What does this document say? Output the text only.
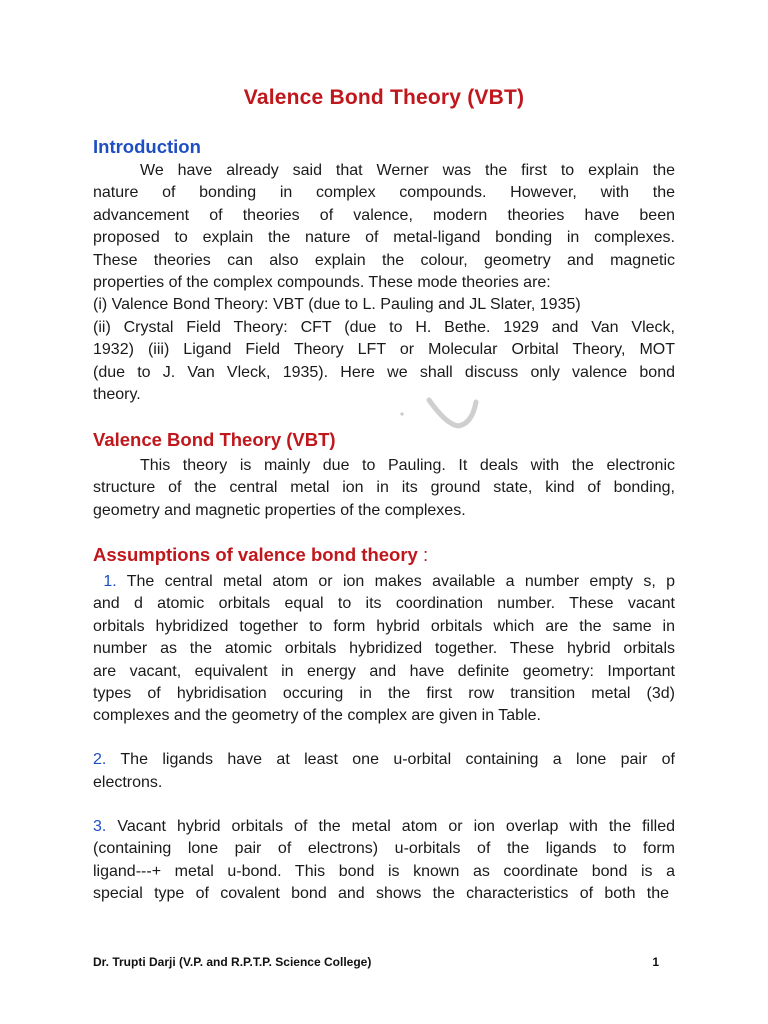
Valence Bond Theory (VBT)
Introduction
We have already said that Werner was the first to explain the
nature of bonding in complex compounds. However, with the
advancement of theories of valence, modern theories have been
proposed to explain the nature of metal-ligand bonding in complexes.
These theories can also explain the colour, geometry and magnetic
properties of the complex compounds. These mode theories are:
(i) Valence Bond Theory: VBT (due to L. Pauling and JL Slater, 1935)
(ii) Crystal Field Theory: CFT (due to H. Bethe. 1929 and Van Vleck,
1932) (iii) Ligand Field Theory LFT or Molecular Orbital Theory, MOT
(due to J. Van Vleck, 1935). Here we shall discuss only valence bond
theory.
Valence Bond Theory (VBT)
This theory is mainly due to Pauling. It deals with the electronic
structure of the central metal ion in its ground state, kind of bonding,
geometry and magnetic properties of the complexes.
Assumptions of valence bond theory :
1. The central metal atom or ion makes available a number empty s, p
and d atomic orbitals equal to its coordination number. These vacant
orbitals hybridized together to form hybrid orbitals which are the same in
number as the atomic orbitals hybridized together. These hybrid orbitals
are vacant, equivalent in energy and have definite geometry: Important
types of hybridisation occuring in the first row transition metal (3d)
complexes and the geometry of the complex are given in Table.
2. The ligands have at least one u-orbital containing a lone pair of
electrons.
3. Vacant hybrid orbitals of the metal atom or ion overlap with the filled
(containing lone pair of electrons) u-orbitals of the ligands to form
ligand---+ metal u-bond. This bond is known as coordinate bond is a
special type of covalent bond and shows the characteristics of both the
Dr. Trupti Darji (V.P. and R.P.T.P. Science College)	1
